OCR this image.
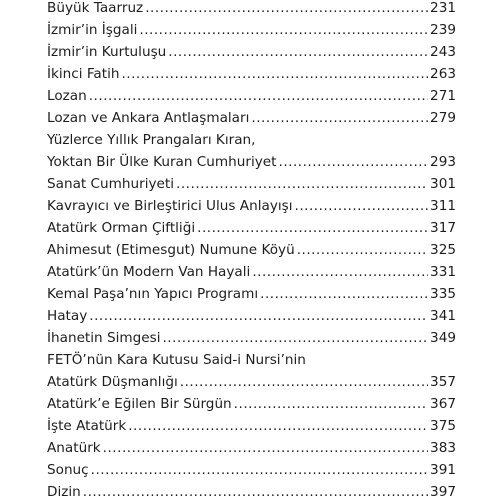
Büyük Taarruz .....	231
İzmir’in İşgali .....	239
İzmir’in Kurtuluşu .....	243
İkinci Fatih .....	263
Lozan .....	271
Lozan ve Ankara Antlaşmaları .....	279
Yüzlerce Yıllık Prangaları Kıran,
Yoktan Bir Ülke Kuran Cumhuriyet .....	293
Sanat Cumhuriyeti .....	301
Kavrayıcı ve Birleştirici Ulus Anlayışı .....	311
Atatürk Orman Çiftliği .....	317
Ahimesut (Etimesgut) Numune Köyü .....	325
Atatürk’ün Modern Van Hayali .....	331
Kemal Paşa’nın Yapıcı Programı .....	335
Hatay .....	341
İhanetin Simgesi .....	349
FETÖ’nün Kara Kutusu Said-i Nursi’nin
Atatürk Düşmanlığı .....	357
Atatürk’e Eğilen Bir Sürgün .....	367
İşte Atatürk .....	375
Anatürk .....	383
Sonuç .....	391
Dizin .....	397
